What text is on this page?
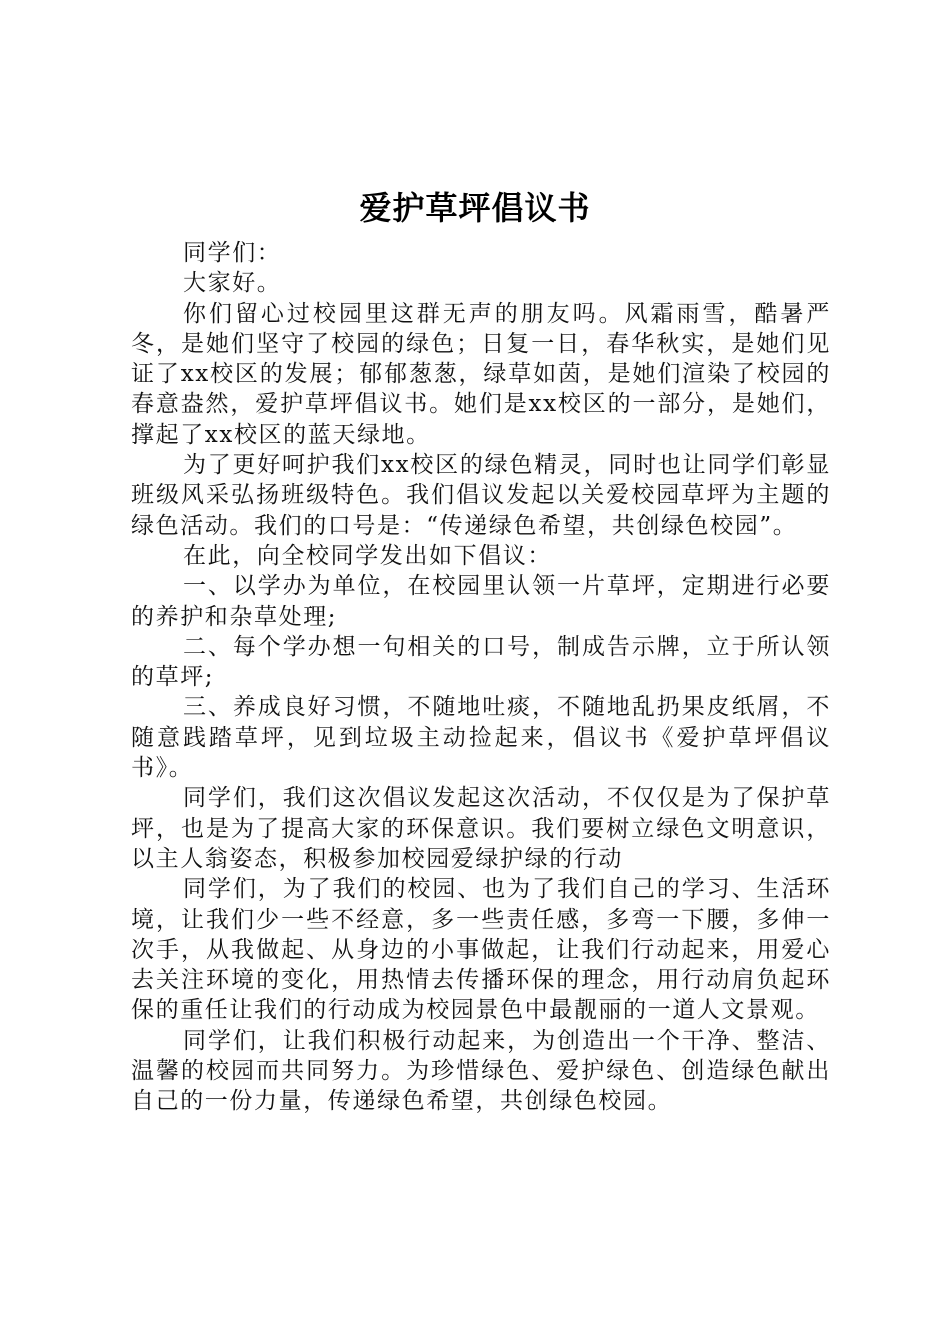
爱护草坪倡议书

同学们：

大家好。

你们留心过校园里这群无声的朋友吗。风霜雨雪，酷暑严冬，是她们坚守了校园的绿色；日复一日，春华秋实，是她们见证了xx校区的发展；郁郁葱葱，绿草如茵，是她们渲染了校园的春意盎然，爱护草坪倡议书。她们是xx校区的一部分，是她们，撑起了xx校区的蓝天绿地。

为了更好呵护我们xx校区的绿色精灵，同时也让同学们彰显班级风采弘扬班级特色。我们倡议发起以关爱校园草坪为主题的绿色活动。我们的口号是：“传递绿色希望，共创绿色校园”。

在此，向全校同学发出如下倡议：

一、以学办为单位，在校园里认领一片草坪，定期进行必要的养护和杂草处理;

二、每个学办想一句相关的口号，制成告示牌，立于所认领的草坪;

三、养成良好习惯，不随地吐痰，不随地乱扔果皮纸屑，不随意践踏草坪，见到垃圾主动捡起来，倡议书《爱护草坪倡议书》。

同学们，我们这次倡议发起这次活动，不仅仅是为了保护草坪，也是为了提高大家的环保意识。我们要树立绿色文明意识，以主人翁姿态，积极参加校园爱绿护绿的行动

同学们，为了我们的校园、也为了我们自己的学习、生活环境，让我们少一些不经意，多一些责任感，多弯一下腰，多伸一次手，从我做起、从身边的小事做起，让我们行动起来，用爱心去关注环境的变化，用热情去传播环保的理念，用行动肩负起环保的重任让我们的行动成为校园景色中最靓丽的一道人文景观。

同学们，让我们积极行动起来，为创造出一个干净、整洁、温馨的校园而共同努力。为珍惜绿色、爱护绿色、创造绿色献出自己的一份力量，传递绿色希望，共创绿色校园。
